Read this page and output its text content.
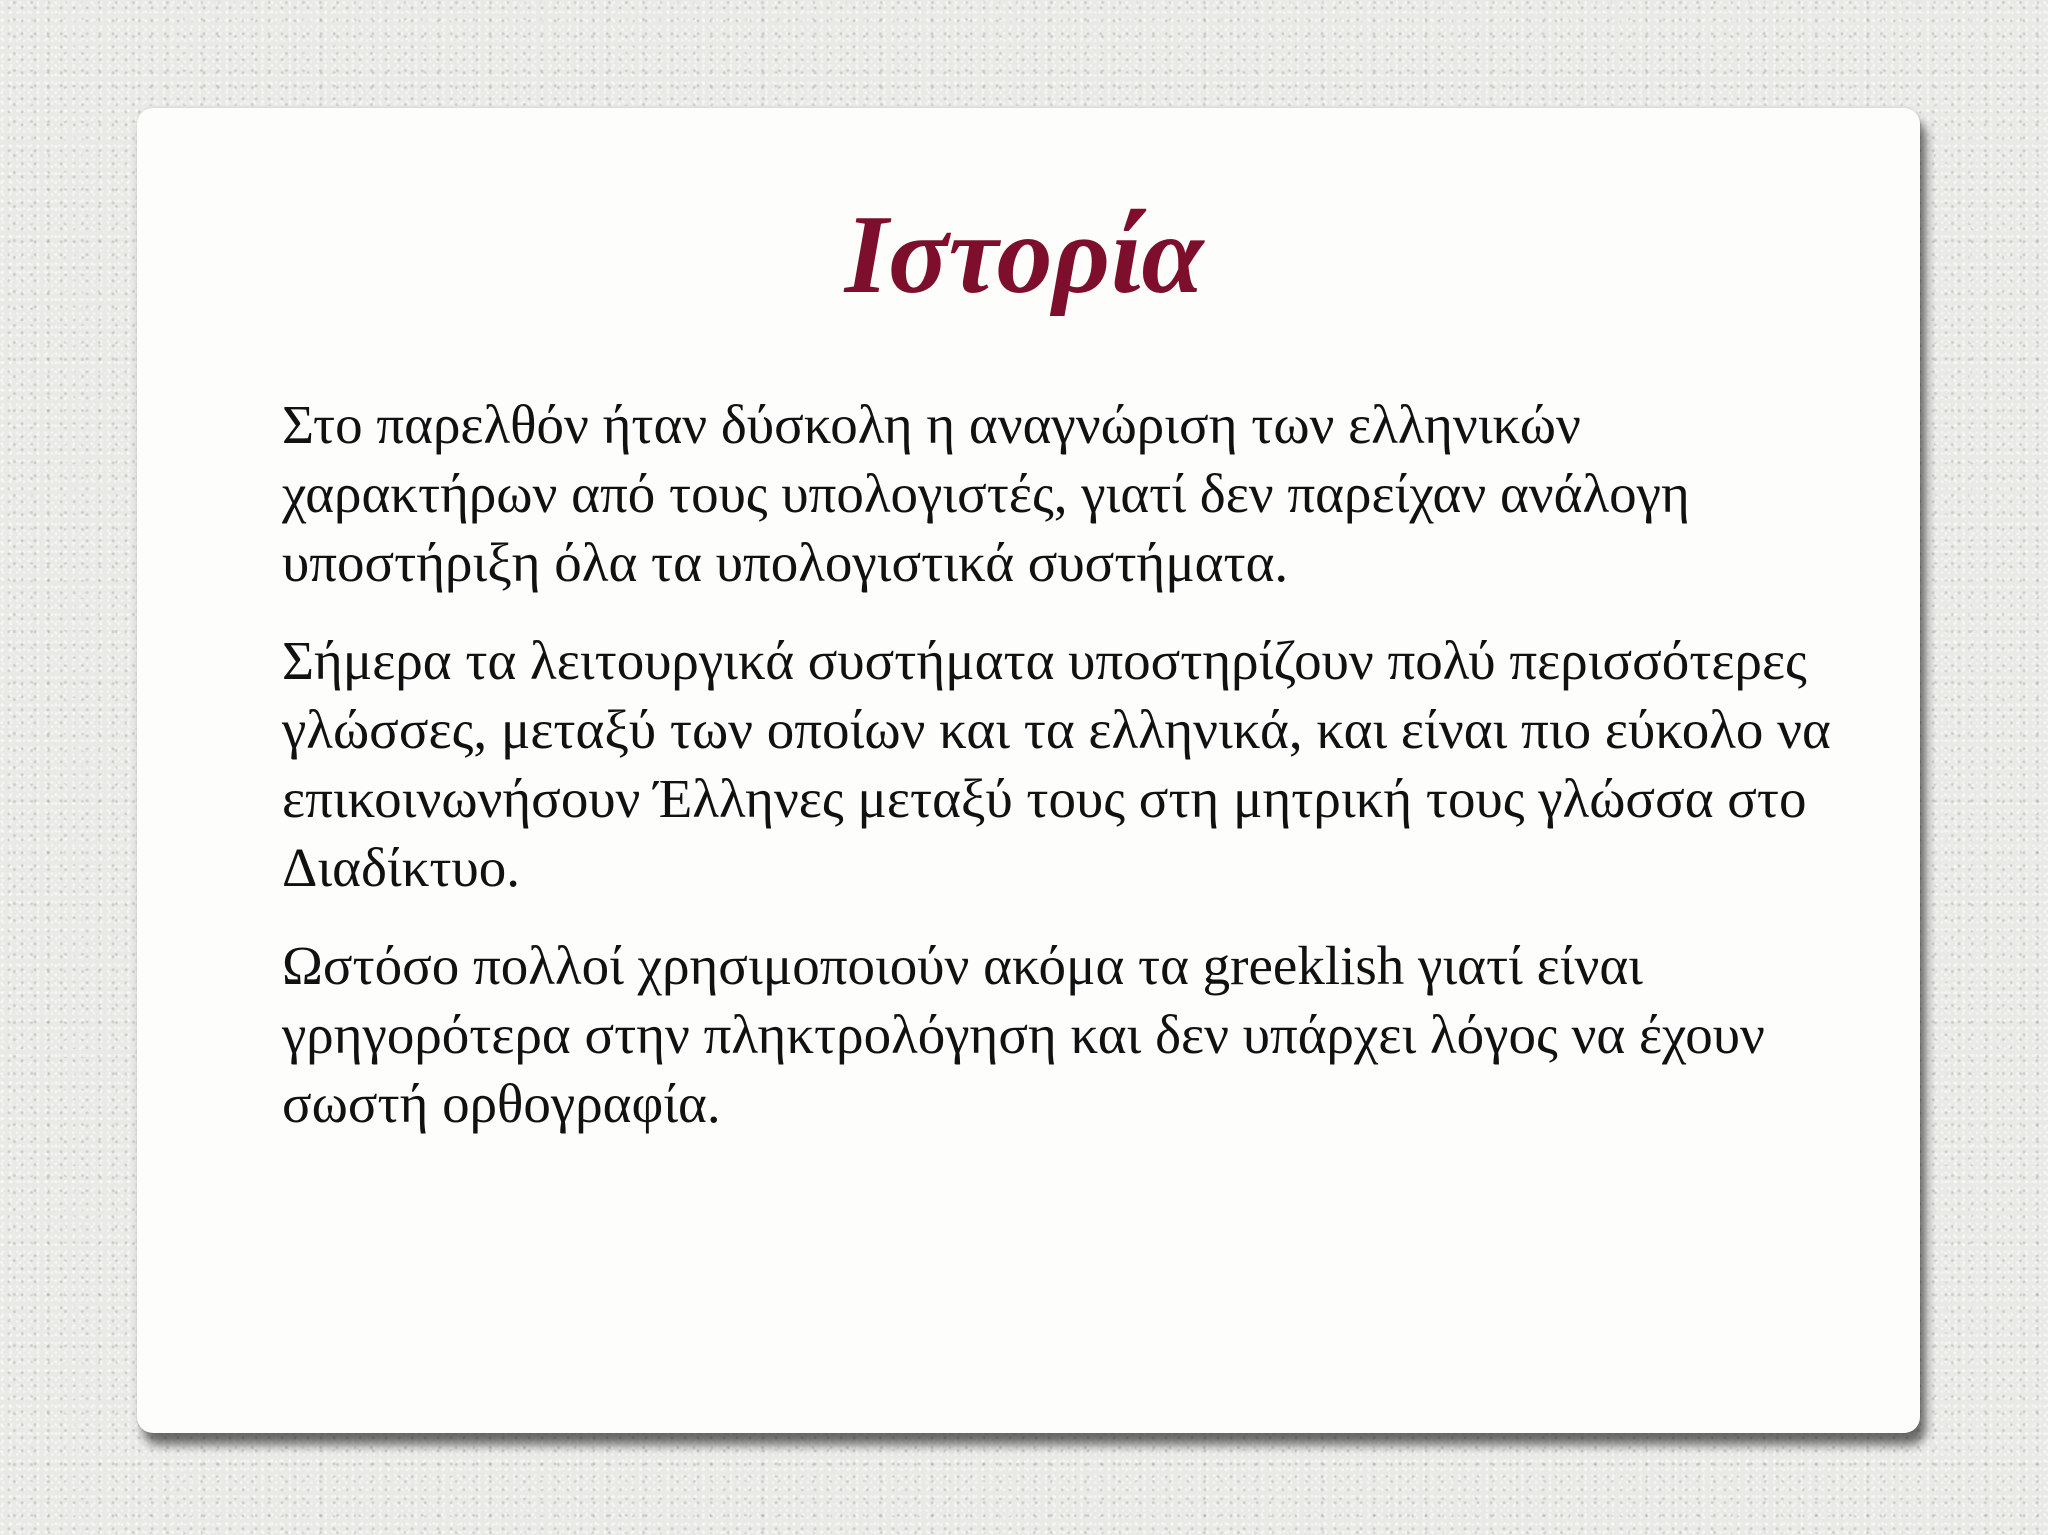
Ιστορία

Στο παρελθόν ήταν δύσκολη η αναγνώριση των ελληνικών χαρακτήρων από τους υπολογιστές, γιατί δεν παρείχαν ανάλογη υποστήριξη όλα τα υπολογιστικά συστήματα.

Σήμερα τα λειτουργικά συστήματα υποστηρίζουν πολύ περισσότερες γλώσσες, μεταξύ των οποίων και τα ελληνικά, και είναι πιο εύκολο να επικοινωνήσουν Έλληνες μεταξύ τους στη μητρική τους γλώσσα στο Διαδίκτυο.

Ωστόσο πολλοί χρησιμοποιούν ακόμα τα greeklish γιατί είναι γρηγορότερα στην πληκτρολόγηση και δεν υπάρχει λόγος να έχουν σωστή ορθογραφία.
